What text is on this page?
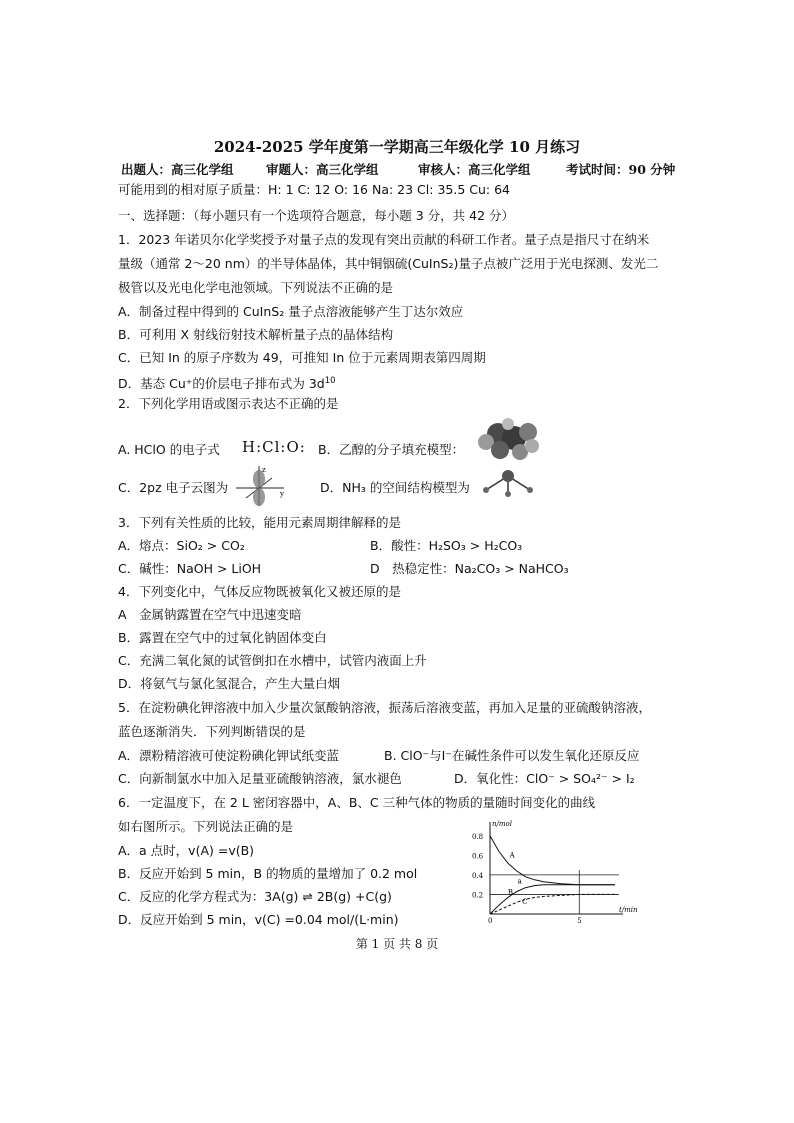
2024-2025 学年度第一学期高三年级化学 10 月练习
出题人：高三化学组	审题人：高三化学组	审核人：高三化学组	考试时间：90 分钟
可能用到的相对原子质量：H: 1 C: 12 O: 16 Na: 23 Cl: 35.5 Cu: 64
一、选择题：（每小题只有一个选项符合题意，每小题 3 分，共 42 分）
1．2023 年诺贝尔化学奖授予对量子点的发现有突出贡献的科研工作者。量子点是指尺寸在纳米
量级（通常 2～20 nm）的半导体晶体，其中铜铟硫(CuInS₂)量子点被广泛用于光电探测、发光二
极管以及光电化学电池领域。下列说法不正确的是
A．制备过程中得到的 CuInS₂ 量子点溶液能够产生丁达尔效应
B．可利用 X 射线衍射技术解析量子点的晶体结构
C．已知 In 的原子序数为 49，可推知 In 位于元素周期表第四周期
D．基态 Cu⁺的价层电子排布式为 $3d^{10}$
2．下列化学用语或图示表达不正确的是
A. HClO 的电子式 H:Cl:O: B．乙醇的分子填充模型：
C．2pz 电子云图为
z
y	D．NH₃ 的空间结构模型为
3．下列有关性质的比较，能用元素周期律解释的是
A．熔点：SiO₂ > CO₂	B．酸性：H₂SO₃ > H₂CO₃
C．碱性：NaOH > LiOH	D　热稳定性：Na₂CO₃ > NaHCO₃
4．下列变化中，气体反应物既被氧化又被还原的是
A　金属钠露置在空气中迅速变暗
B．露置在空气中的过氧化钠固体变白
C．充满二氧化氮的试管倒扣在水槽中，试管内液面上升
D．将氨气与氯化氢混合，产生大量白烟
5．在淀粉碘化钾溶液中加入少量次氯酸钠溶液，振荡后溶液变蓝，再加入足量的亚硫酸钠溶液，
蓝色逐渐消失．下列判断错误的是
A．漂粉精溶液可使淀粉碘化钾试纸变蓝	B. ClO⁻与I⁻在碱性条件可以发生氧化还原反应
C．向新制氯水中加入足量亚硫酸钠溶液，氯水褪色	D．氧化性：ClO⁻ > SO₄²⁻ > I₂
6．一定温度下，在 2 L 密闭容器中，A、B、C 三种气体的物质的量随时间变化的曲线
如右图所示。下列说法正确的是
A．a 点时，v(A) =v(B)
B．反应开始到 5 min，B 的物质的量增加了 0.2 mol
C．反应的化学方程式为：3A(g) ⇌ 2B(g) +C(g)
D．反应开始到 5 min，v(C) =0.04 mol/(L·min)
n/mol
t/min
0.8
0.6
0.4
0.2
0	5
A
B
C
a
第 1 页 共 8 页
